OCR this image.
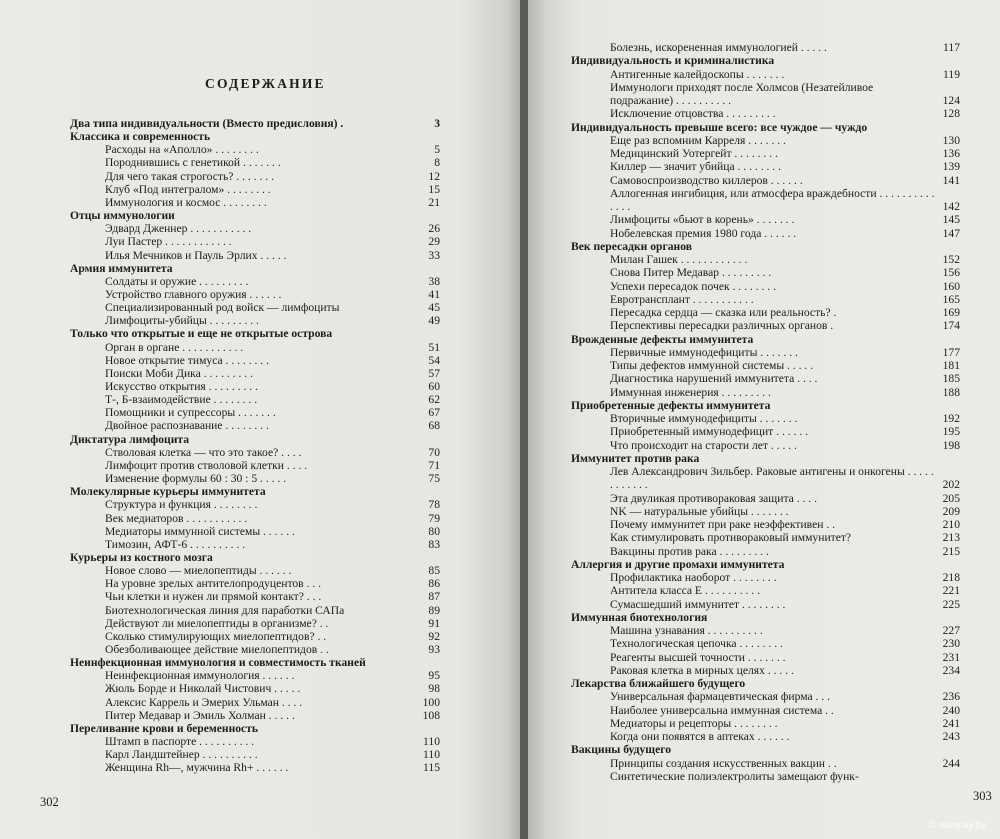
СОДЕРЖАНИЕ
Два типа индивидуальности (Вместо предисловия) .	3
Классика и современность
Расходы на «Аполло» . . . . . . . .	5
Породнившись с генетикой . . . . . . .	8
Для чего такая строгость? . . . . . . .	12
Клуб «Под интегралом» . . . . . . . .	15
Иммунология и космос . . . . . . . .	21
Отцы иммунологии
Эдвард Дженнер . . . . . . . . . . .	26
Луи Пастер . . . . . . . . . . . .	29
Илья Мечников и Пауль Эрлих . . . . .	33
Армия иммунитета
Солдаты и оружие . . . . . . . . .	38
Устройство главного оружия . . . . . .	41
Специализированный род войск — лимфоциты	45
Лимфоциты-убийцы . . . . . . . . .	49
Только что открытые и еще не открытые острова
Орган в органе . . . . . . . . . . .	51
Новое открытие тимуса . . . . . . . .	54
Поиски Моби Дика . . . . . . . . .	57
Искусство открытия . . . . . . . . .	60
Т-, Б-взаимодействие . . . . . . . .	62
Помощники и супрессоры . . . . . . .	67
Двойное распознавание . . . . . . . .	68
Диктатура лимфоцита
Стволовая клетка — что это такое? . . . .	70
Лимфоцит против стволовой клетки . . . .	71
Изменение формулы 60 : 30 : 5 . . . . .	75
Молекулярные курьеры иммунитета
Структура и функция . . . . . . . .	78
Век медиаторов . . . . . . . . . . .	79
Медиаторы иммунной системы . . . . . .	80
Тимозин, АФТ-6 . . . . . . . . . .	83
Курьеры из костного мозга
Новое слово — миелопептиды . . . . . .	85
На уровне зрелых антителопродуцентов . . .	86
Чьи клетки и нужен ли прямой контакт? . . .	87
Биотехнологическая линия для парaботки САПа	89
Действуют ли миелопептиды в организме? . .	91
Сколько стимулирующих миелопептидов? . .	92
Обезболивающее действие миелопептидов . .	93
Неинфекционная иммунология и совместимость тканей
Неинфекционная иммунология . . . . . .	95
Жюль Борде и Николай Чистович . . . . .	98
Алексис Каррель и Эмерих Ульман . . . .	100
Питер Медавар и Эмиль Холман . . . . .	108
Переливание крови и беременность
Штамп в паспорте . . . . . . . . . .	110
Карл Ландштейнер . . . . . . . . . .	110
Женщина Rh—, мужчина Rh+ . . . . . .	115
302
Болезнь, искорененная иммунологией . . . . .	117
Индивидуальность и криминалистика
Антигенные калейдоскопы . . . . . . .	119
Иммунологи приходят после Холмсов (Незатейливое подражание) . . . . . . . . . .	124
Исключение отцовства . . . . . . . . .	128
Индивидуальность превыше всего: все чуждое — чуждо
Еще раз вспомним Карреля . . . . . . .	130
Медицинский Уотергейт . . . . . . . .	136
Киллер — значит убийца . . . . . . . .	139
Самовоспроизводство киллеров . . . . . .	141
Аллогенная ингибиция, или атмосфера враждебности . . . . . . . . . . . . . .	142
Лимфоциты «бьют в корень» . . . . . . .	145
Нобелевская премия 1980 года . . . . . .	147
Век пересадки органов
Милан Гашек . . . . . . . . . . . .	152
Снова Питер Медавар . . . . . . . . .	156
Успехи пересадок почек . . . . . . . .	160
Евротрансплант . . . . . . . . . . .	165
Пересадка сердца — сказка или реальность? .	169
Перспективы пересадки различных органов .	174
Врожденные дефекты иммунитета
Первичные иммунодефициты . . . . . . .	177
Типы дефектов иммунной системы . . . . .	181
Диагностика нарушений иммунитета . . . .	185
Иммунная инженерия . . . . . . . . .	188
Приобретенные дефекты иммунитета
Вторичные иммунодефициты . . . . . . .	192
Приобретенный иммунодефицит . . . . . .	195
Что происходит на старости лет . . . . .	198
Иммунитет против рака
Лев Александрович Зильбер. Раковые антигены и онкогены . . . . . . . . . . . .	202
Эта двуликая противораковая защита . . . .	205
NK — натуральные убийцы . . . . . . .	209
Почему иммунитет при раке неэффективен . .	210
Как стимулировать противораковый иммунитет?	213
Вакцины против рака . . . . . . . . .	215
Аллергия и другие промахи иммунитета
Профилактика наоборот . . . . . . . .	218
Антитела класса Е . . . . . . . . . .	221
Сумасшедший иммунитет . . . . . . . .	225
Иммунная биотехнология
Машина узнавания . . . . . . . . . .	227
Технологическая цепочка . . . . . . . .	230
Реагенты высшей точности . . . . . . .	231
Раковая клетка в мирных целях . . . . .	234
Лекарства ближайшего будущего
Универсальная фармацевтическая фирма . . .	236
Наиболее универсальна иммунная система . .	240
Медиаторы и рецепторы . . . . . . . .	241
Когда они появятся в аптеках . . . . . .	243
Вакцины будущего
Принципы создания искусственных вакцин . .	244
Синтетические полиэлектролиты замещают функ-
303
© www.ay.by
